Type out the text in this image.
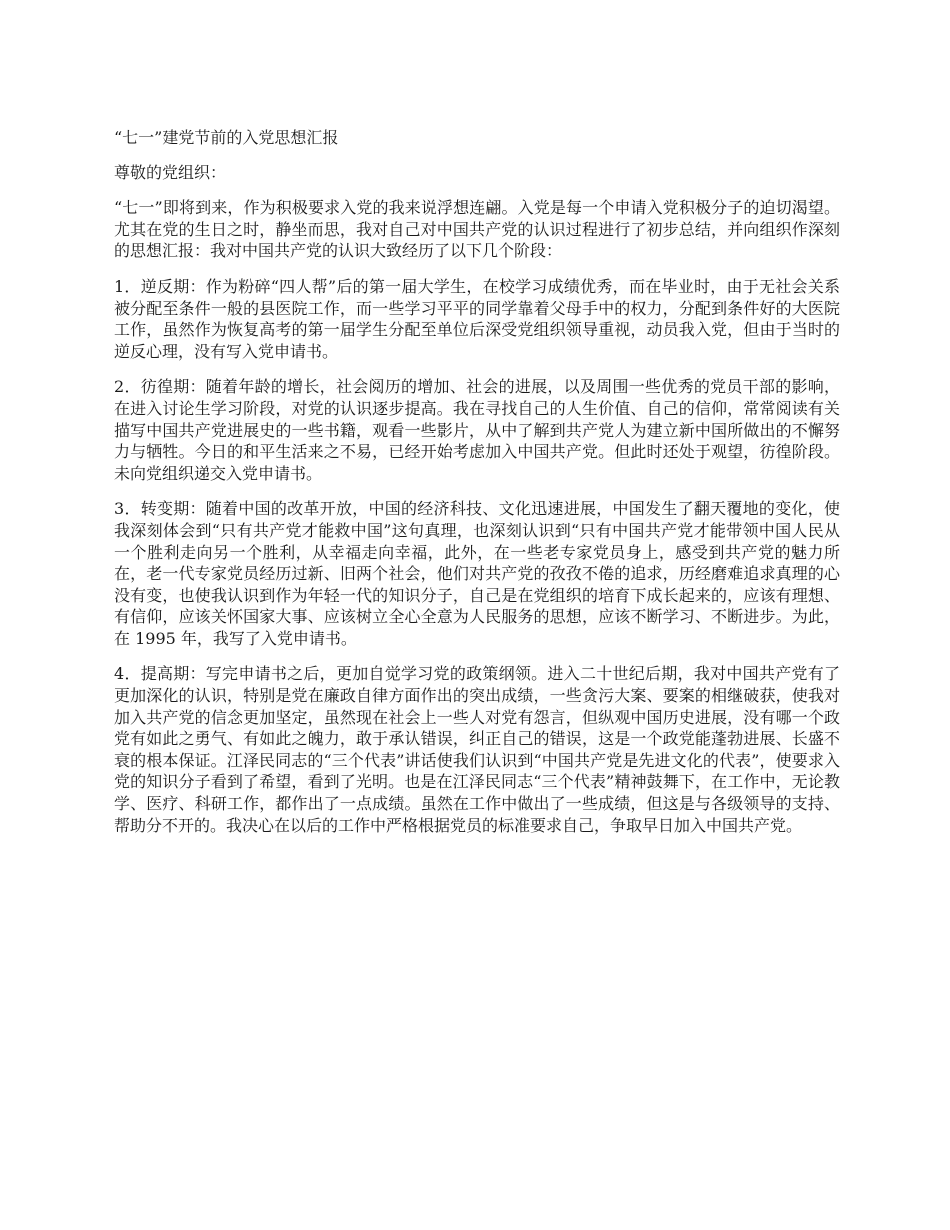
“七一”建党节前的入党思想汇报

尊敬的党组织：

“七一”即将到来，作为积极要求入党的我来说浮想连翩。入党是每一个申请入党积极分子的迫切渴望。尤其在党的生日之时，静坐而思，我对自己对中国共产党的认识过程进行了初步总结，并向组织作深刻的思想汇报：我对中国共产党的认识大致经历了以下几个阶段：

1．逆反期：作为粉碎“四人帮”后的第一届大学生，在校学习成绩优秀，而在毕业时，由于无社会关系被分配至条件一般的县医院工作，而一些学习平平的同学靠着父母手中的权力，分配到条件好的大医院工作，虽然作为恢复高考的第一届学生分配至单位后深受党组织领导重视，动员我入党，但由于当时的逆反心理，没有写入党申请书。

2．彷徨期：随着年龄的增长，社会阅历的增加、社会的进展，以及周围一些优秀的党员干部的影响，在进入讨论生学习阶段，对党的认识逐步提高。我在寻找自己的人生价值、自己的信仰，常常阅读有关描写中国共产党进展史的一些书籍，观看一些影片，从中了解到共产党人为建立新中国所做出的不懈努力与牺牲。今日的和平生活来之不易，已经开始考虑加入中国共产党。但此时还处于观望，彷徨阶段。未向党组织递交入党申请书。

3．转变期：随着中国的改革开放，中国的经济科技、文化迅速进展，中国发生了翻天覆地的变化，使我深刻体会到“只有共产党才能救中国”这句真理，也深刻认识到“只有中国共产党才能带领中国人民从一个胜利走向另一个胜利，从幸福走向幸福，此外，在一些老专家党员身上，感受到共产党的魅力所在，老一代专家党员经历过新、旧两个社会，他们对共产党的孜孜不倦的追求，历经磨难追求真理的心没有变，也使我认识到作为年轻一代的知识分子，自己是在党组织的培育下成长起来的，应该有理想、有信仰，应该关怀国家大事、应该树立全心全意为人民服务的思想，应该不断学习、不断进步。为此，在 1995 年，我写了入党申请书。

4．提高期：写完申请书之后，更加自觉学习党的政策纲领。进入二十世纪后期，我对中国共产党有了更加深化的认识，特别是党在廉政自律方面作出的突出成绩，一些贪污大案、要案的相继破获，使我对加入共产党的信念更加坚定，虽然现在社会上一些人对党有怨言，但纵观中国历史进展，没有哪一个政党有如此之勇气、有如此之魄力，敢于承认错误，纠正自己的错误，这是一个政党能蓬勃进展、长盛不衰的根本保证。江泽民同志的“三个代表”讲话使我们认识到“中国共产党是先进文化的代表”，使要求入党的知识分子看到了希望，看到了光明。也是在江泽民同志“三个代表”精神鼓舞下，在工作中，无论教学、医疗、科研工作，都作出了一点成绩。虽然在工作中做出了一些成绩，但这是与各级领导的支持、帮助分不开的。我决心在以后的工作中严格根据党员的标准要求自己，争取早日加入中国共产党。
